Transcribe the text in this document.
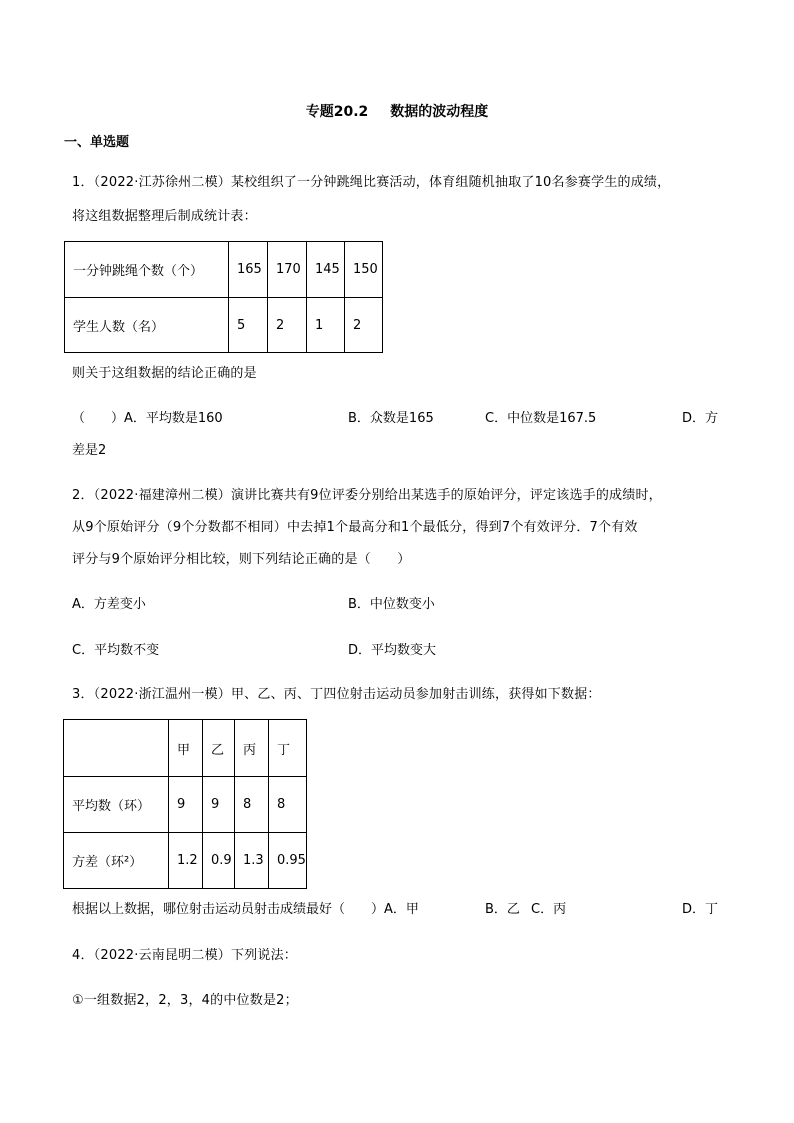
专题20.2 数据的波动程度
一、单选题
1．（2022·江苏徐州二模）某校组织了一分钟跳绳比赛活动，体育组随机抽取了10名参赛学生的成绩，
将这组数据整理后制成统计表：
一分钟跳绳个数（个）	165	170	145	150
学生人数（名）	5	2	1	2
则关于这组数据的结论正确的是
（　　）A．平均数是160	B．众数是165	C．中位数是167.5	D．方
差是2
2．（2022·福建漳州二模）演讲比赛共有9位评委分别给出某选手的原始评分，评定该选手的成绩时，
从9个原始评分（9个分数都不相同）中去掉1个最高分和1个最低分，得到7个有效评分．7个有效
评分与9个原始评分相比较，则下列结论正确的是（　　）
A．方差变小	B．中位数变小
C．平均数不变	D．平均数变大
3．（2022·浙江温州一模）甲、乙、丙、丁四位射击运动员参加射击训练，获得如下数据：
	甲	乙	丙	丁
平均数（环）	9	9	8	8
方差（环²）	1.2	0.9	1.3	0.95
根据以上数据，哪位射击运动员射击成绩最好（　　）A．甲	B．乙 C．丙	D．丁
4．（2022·云南昆明二模）下列说法：
①一组数据2，2，3，4的中位数是2；
